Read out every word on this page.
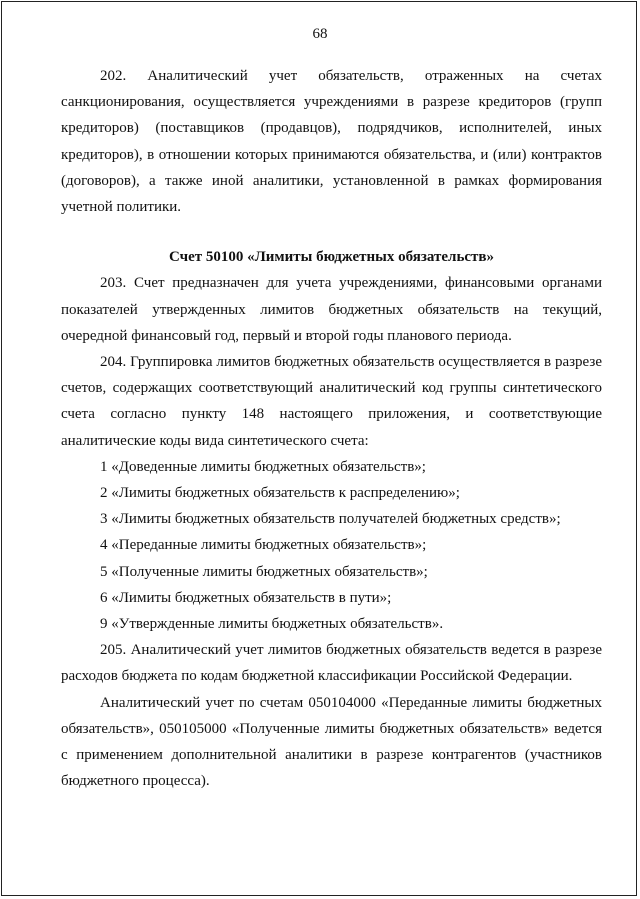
68

202. Аналитический учет обязательств, отраженных на счетах санкционирования, осуществляется учреждениями в разрезе кредиторов (групп кредиторов) (поставщиков (продавцов), подрядчиков, исполнителей, иных кредиторов), в отношении которых принимаются обязательства, и (или) контрактов (договоров), а также иной аналитики, установленной в рамках формирования учетной политики.

Счет 50100 «Лимиты бюджетных обязательств»

203. Счет предназначен для учета учреждениями, финансовыми органами показателей утвержденных лимитов бюджетных обязательств на текущий, очередной финансовый год, первый и второй годы планового периода.

204. Группировка лимитов бюджетных обязательств осуществляется в разрезе счетов, содержащих соответствующий аналитический код группы синтетического счета согласно пункту 148 настоящего приложения, и соответствующие аналитические коды вида синтетического счета:

1 «Доведенные лимиты бюджетных обязательств»;
2 «Лимиты бюджетных обязательств к распределению»;
3 «Лимиты бюджетных обязательств получателей бюджетных средств»;
4 «Переданные лимиты бюджетных обязательств»;
5 «Полученные лимиты бюджетных обязательств»;
6 «Лимиты бюджетных обязательств в пути»;
9 «Утвержденные лимиты бюджетных обязательств».

205. Аналитический учет лимитов бюджетных обязательств ведется в разрезе расходов бюджета по кодам бюджетной классификации Российской Федерации.

Аналитический учет по счетам 050104000 «Переданные лимиты бюджетных обязательств», 050105000 «Полученные лимиты бюджетных обязательств» ведется с применением дополнительной аналитики в разрезе контрагентов (участников бюджетного процесса).
